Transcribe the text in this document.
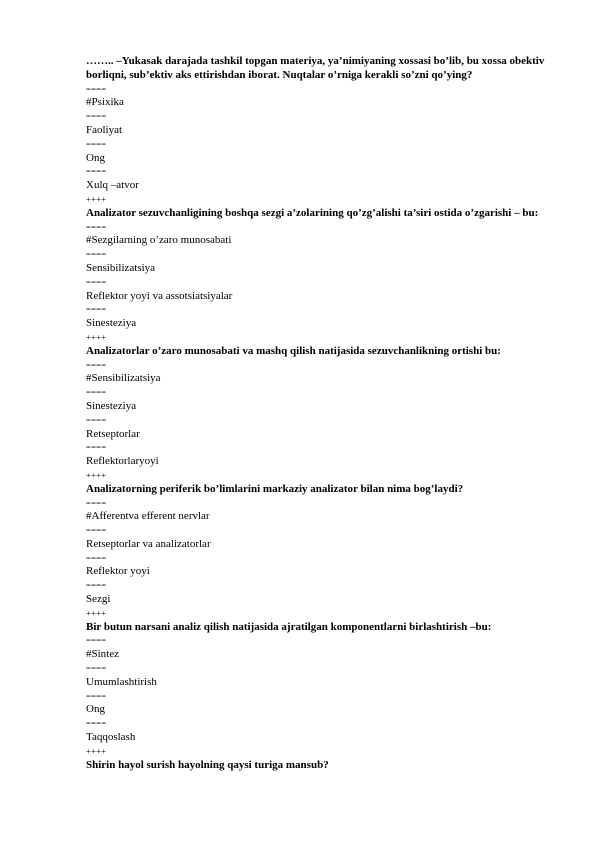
…….. –Yukasak darajada tashkil topgan materiya, ya’nimiyaning xossasi bo’lib, bu xossa obektiv borliqni, sub’ektiv aks ettirishdan iborat. Nuqtalar o’rniga kerakli so’zni qo’ying?
====
#Psixika
====
Faoliyat
====
Ong
====
Xulq –atvor
++++
Analizator sezuvchanligining boshqa sezgi a’zolarining qo’zg’alishi ta’siri ostida o’zgarishi – bu:
====
#Sezgilarning o’zaro munosabati
====
Sensibilizatsiya
====
Reflektor yoyi va assotsiatsiyalar
====
Sinesteziya
++++
Analizatorlar o’zaro munosabati va mashq qilish natijasida sezuvchanlikning ortishi bu:
====
#Sensibilizatsiya
====
Sinesteziya
====
Retseptorlar
====
Reflektorlaryoyi
++++
Analizatorning periferik bo’limlarini markaziy analizator bilan nima bog’laydi?
====
#Afferentva efferent nervlar
====
Retseptorlar va analizatorlar
====
Reflektor yoyi
====
Sezgi
++++
Bir butun narsani analiz qilish natijasida ajratilgan komponentlarni birlashtirish –bu:
====
#Sintez
====
Umumlashtirish
====
Ong
====
Taqqoslash
++++
Shirin hayol surish hayolning qaysi turiga mansub?
